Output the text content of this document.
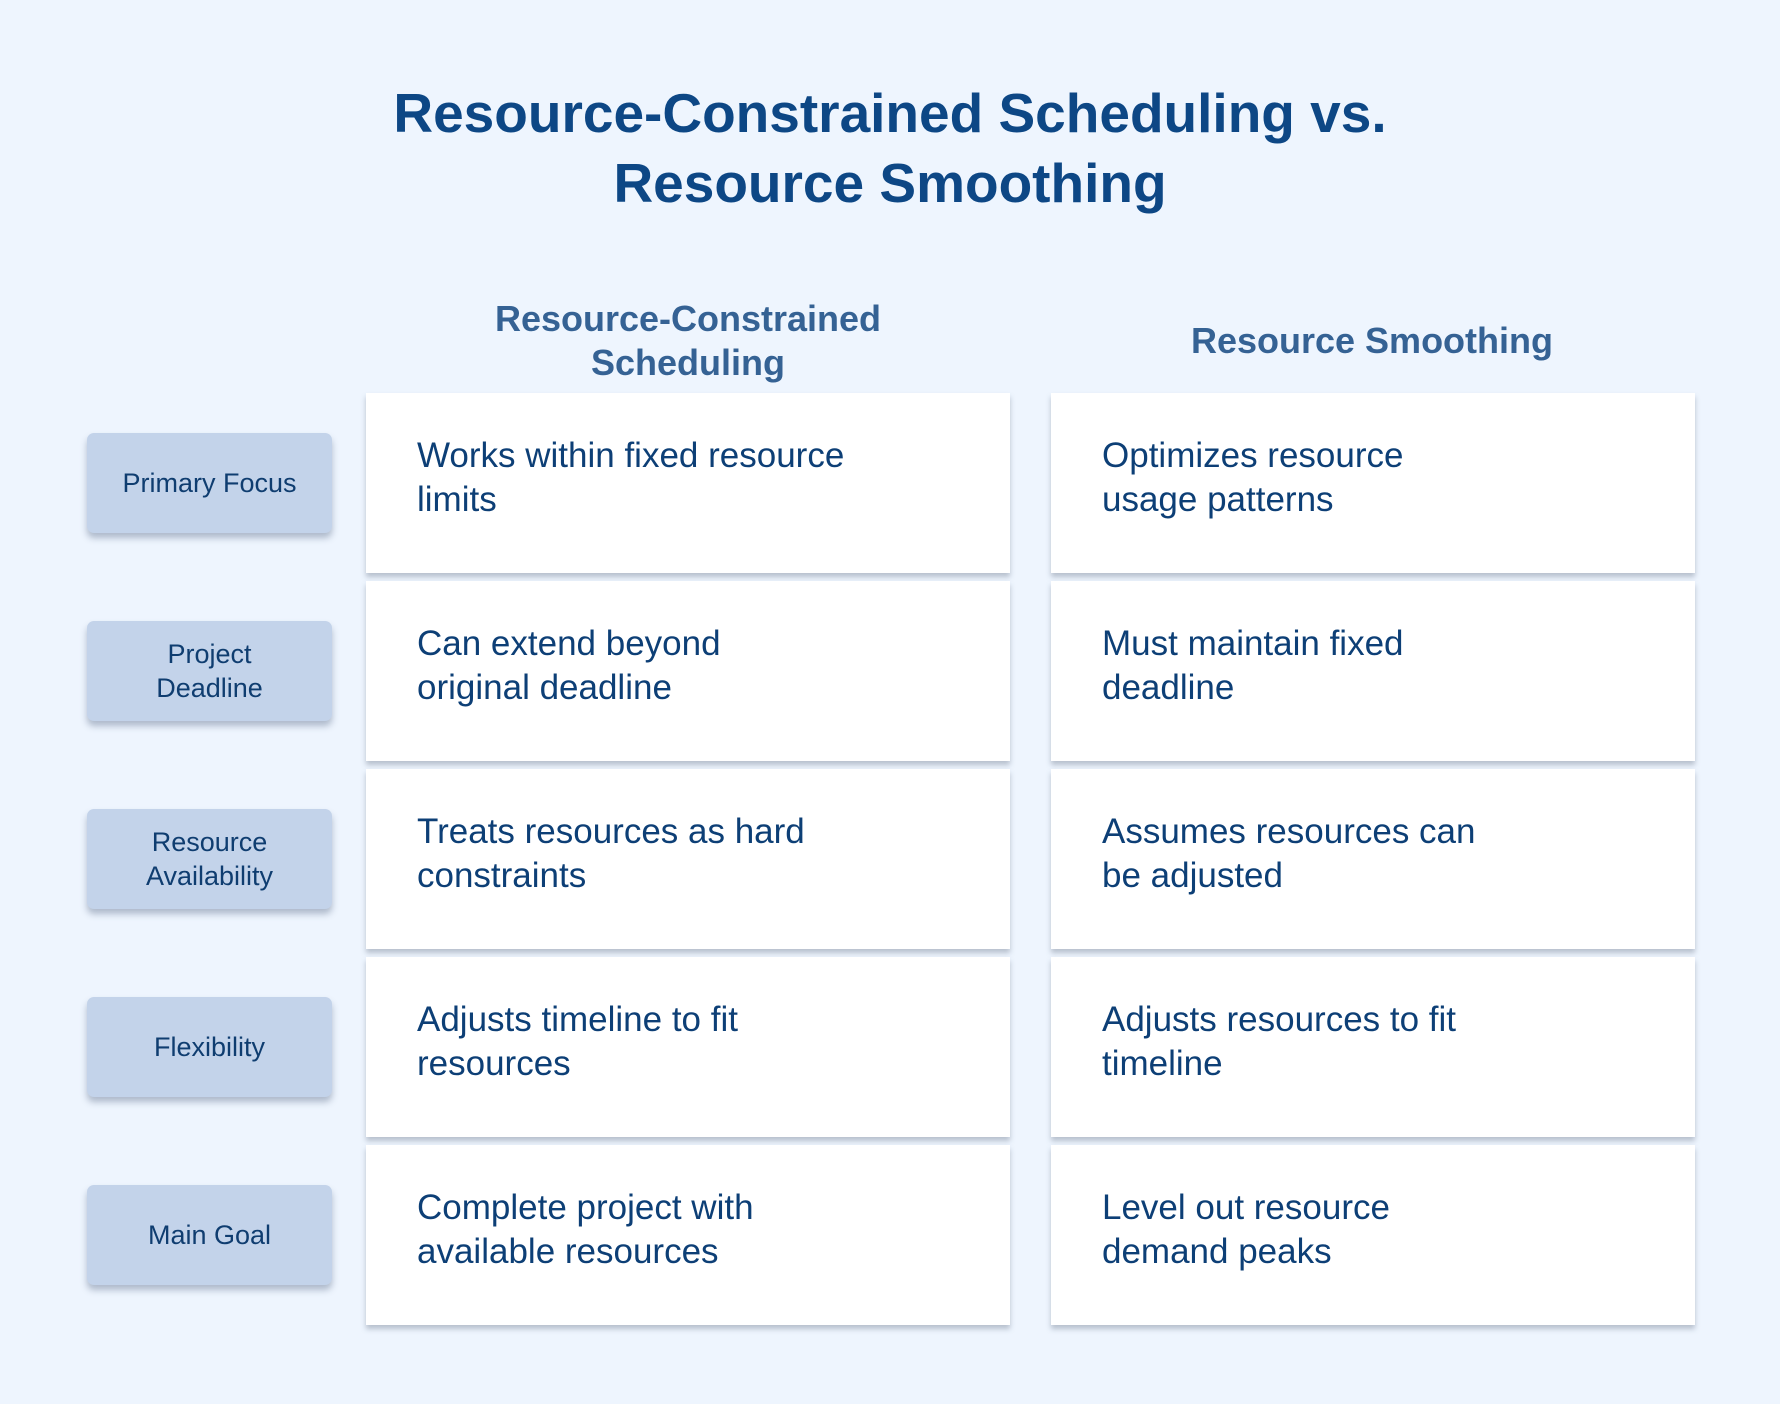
Resource-Constrained Scheduling vs.
Resource Smoothing
Resource-Constrained
Scheduling
Resource Smoothing
Primary Focus
Works within fixed resource
limits
Optimizes resource
usage patterns
Project
Deadline
Can extend beyond
original deadline
Must maintain fixed
deadline
Resource
Availability
Treats resources as hard
constraints
Assumes resources can
be adjusted
Flexibility
Adjusts timeline to fit
resources
Adjusts resources to fit
timeline
Main Goal
Complete project with
available resources
Level out resource
demand peaks
